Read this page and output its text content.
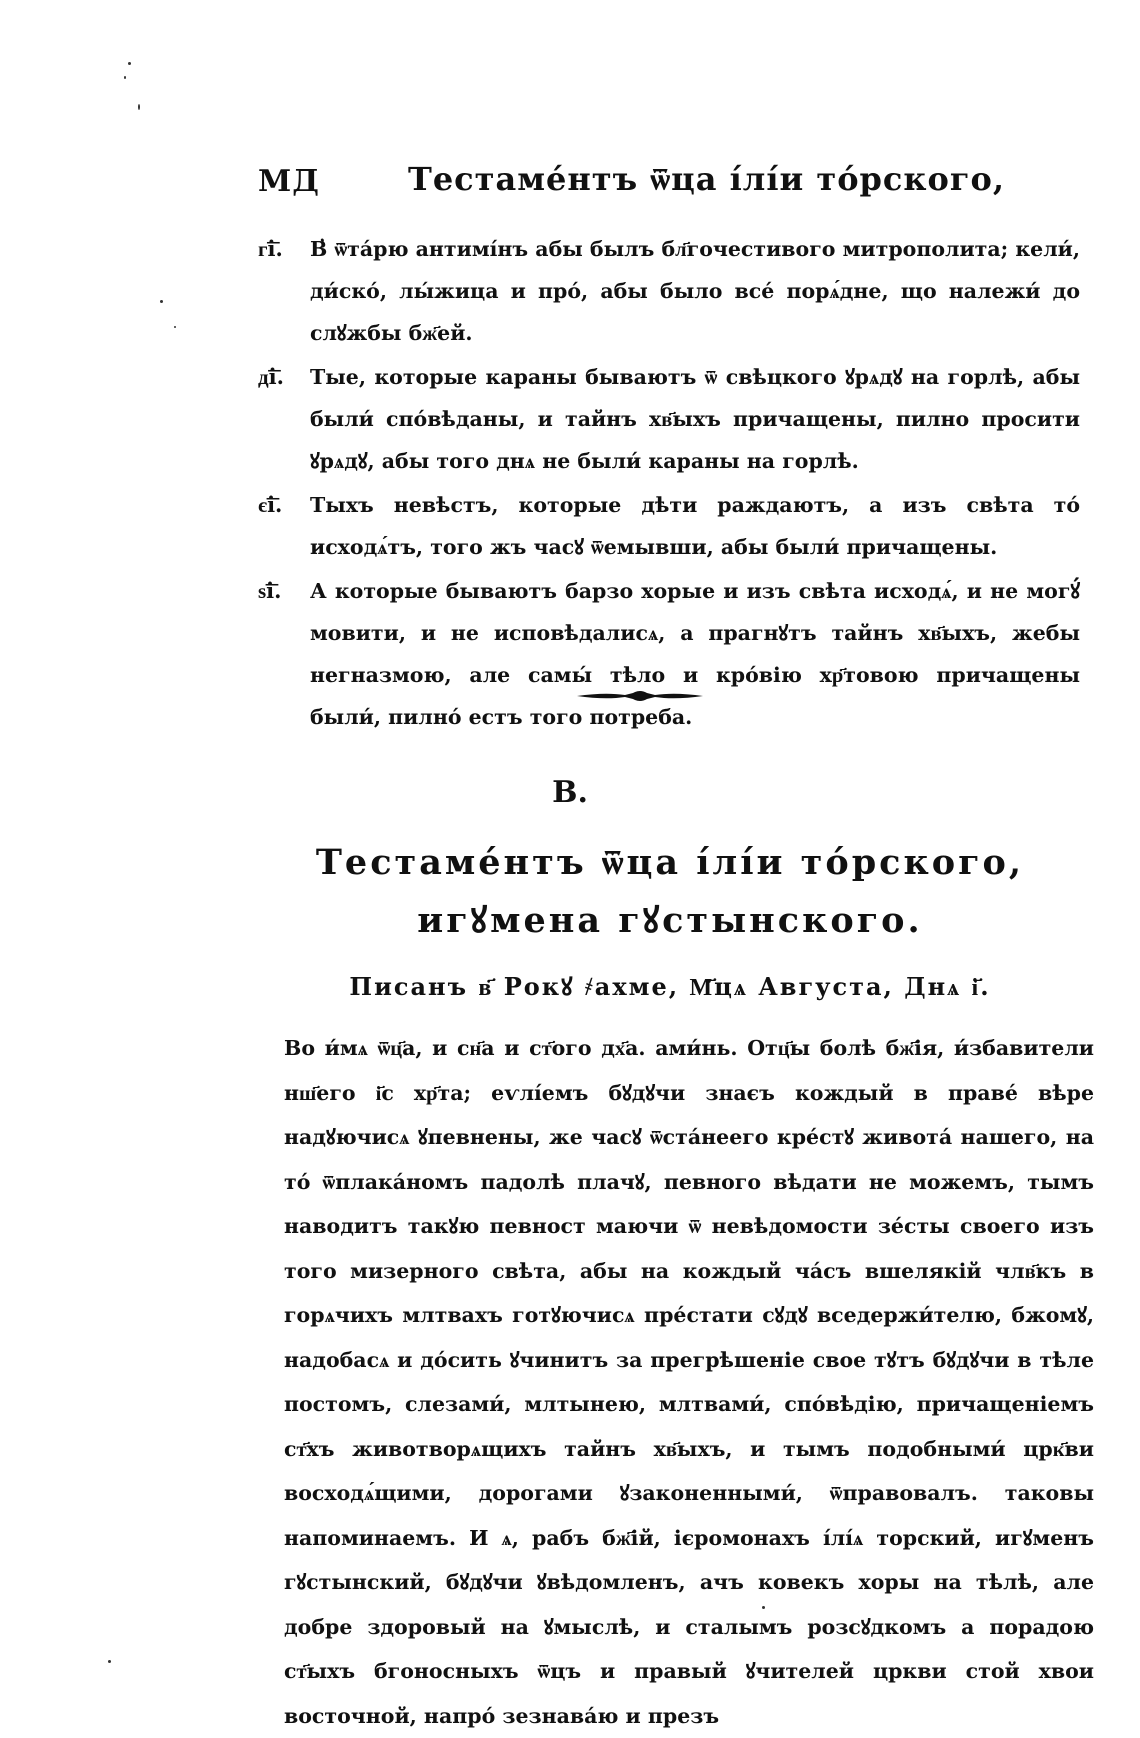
МД	Тестаме́нтъ ѿца і́лі́и то́рского,
г͞і.	В̓ ѿта́рю антимі́нъ абы былъ бл҃гочестивого митрополита; кели́, ди́ско́, лы́жица и про́, абы было все́ порѧ́дне, що належи́ до слꙋжбы бж҃ей.

д͞і.	Тые, которые караны бываютъ ѿ свѣцкого ꙋрѧдꙋ на горлѣ, абы были́ спо́вѣданы, и тайнъ хв҃ыхъ причащены, пилно просити ꙋрѧдꙋ, абы того днѧ не были́ караны на горлѣ.

є͞і.	Тыхъ невѣстъ, которые дѣти раждаютъ, а изъ свѣта то́ исходѧ́тъ, того жъ часꙋ ѿемывши, абы были́ причащены.

ѕ͞і.	А которые бываютъ барзо хорые и изъ свѣта исходѧ́, и не могꙋ́ мовити, и не исповѣдалисѧ, а прагнꙋтъ тайнъ хв҃ыхъ, жебы негназмою, але самы́ тѣло и кро́вію хр҃товою причащены были́, пилно́ естъ того потреба.

В.
Тестаме́нтъ ѿца і́лі́и то́рского, игꙋмена гꙋстынского.
Писанъ в҃ Рокꙋ ҂ахме, М҃цѧ Августа, Днѧ і҃.

Во и́мѧ ѿц҃а, и сн҃а и ст҃ого дх҃а. ами́нь. Отц҃ы болѣ бж҃ія, и́збавители нш҃его і҃с хр҃та; еѵлі́емъ бꙋдꙋчи знаєъ кождый в праве́ вѣре надꙋючисѧ ꙋпевнены, же часꙋ ѿста́неего кре́стꙋ живота́ нашего, на то́ ѿплака́номъ падолѣ плачꙋ, певного вѣдати не можемъ, тымъ наводитъ такꙋю певност маючи ѿ невѣдомости зе́сты своего изъ того мизерного свѣта, абы на кождый ча́съ вшелякій члв҃къ в горѧчихъ млтвахъ готꙋючисѧ пре́стати сꙋдꙋ вседержи́телю, бжомꙋ, надобасѧ и до́сить ꙋчинитъ за прегрѣшеніе свое тꙋтъ бꙋдꙋчи в тѣле постомъ, слезами́, млтынею, млтвами́, спо́вѣдію, причащеніемъ ст҃хъ животворѧщихъ тайнъ хв҃ыхъ, и тымъ подобными́ црк҃ви восходѧ́щими, дорогами ꙋзаконенными́, ѿправовалъ. таковы напоминаемъ. И ѧ, рабъ бж҃ій, ієромонахъ і́лі́ѧ торский, игꙋменъ гꙋстынский, бꙋдꙋчи ꙋвѣдомленъ, ачъ ковекъ хоры на тѣлѣ, але добре здоровый на ꙋмыслѣ, и сталымъ розсꙋдкомъ а порадою ст҃ыхъ бгоносныхъ ѿцъ и правый ꙋчителей цркви стой хвои восточной, напро́ зезнава́ю и презъ
